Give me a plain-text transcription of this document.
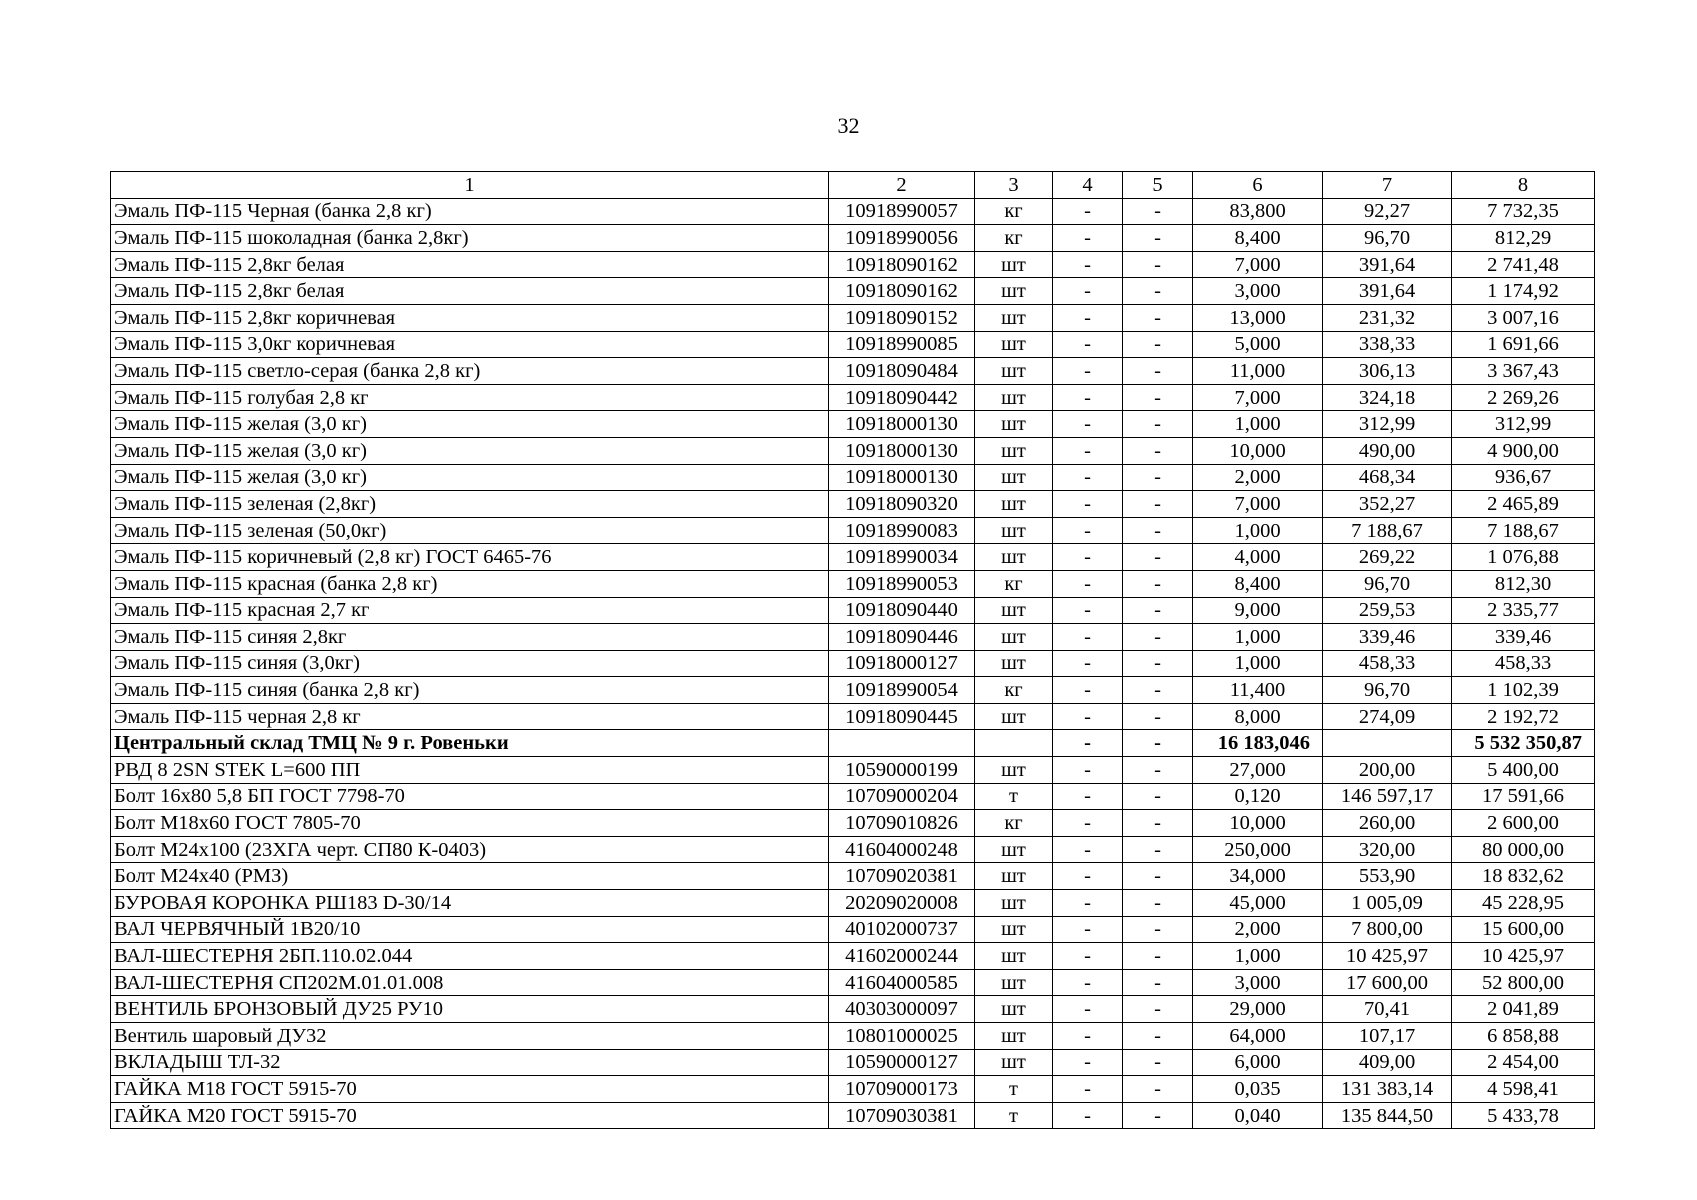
32
1	2	3	4	5	6	7	8
Эмаль ПФ-115 Черная (банка 2,8 кг)	10918990057	кг	-	-	83,800	92,27	7 732,35
Эмаль ПФ-115 шоколадная (банка 2,8кг)	10918990056	кг	-	-	8,400	96,70	812,29
Эмаль ПФ-115 2,8кг белая	10918090162	шт	-	-	7,000	391,64	2 741,48
Эмаль ПФ-115 2,8кг белая	10918090162	шт	-	-	3,000	391,64	1 174,92
Эмаль ПФ-115 2,8кг коричневая	10918090152	шт	-	-	13,000	231,32	3 007,16
Эмаль ПФ-115 3,0кг коричневая	10918990085	шт	-	-	5,000	338,33	1 691,66
Эмаль ПФ-115 светло-серая (банка 2,8 кг)	10918090484	шт	-	-	11,000	306,13	3 367,43
Эмаль ПФ-115 голубая 2,8 кг	10918090442	шт	-	-	7,000	324,18	2 269,26
Эмаль ПФ-115 желая (3,0 кг)	10918000130	шт	-	-	1,000	312,99	312,99
Эмаль ПФ-115 желая (3,0 кг)	10918000130	шт	-	-	10,000	490,00	4 900,00
Эмаль ПФ-115 желая (3,0 кг)	10918000130	шт	-	-	2,000	468,34	936,67
Эмаль ПФ-115 зеленая (2,8кг)	10918090320	шт	-	-	7,000	352,27	2 465,89
Эмаль ПФ-115 зеленая (50,0кг)	10918990083	шт	-	-	1,000	7 188,67	7 188,67
Эмаль ПФ-115 коричневый (2,8 кг) ГОСТ 6465-76	10918990034	шт	-	-	4,000	269,22	1 076,88
Эмаль ПФ-115 красная (банка 2,8 кг)	10918990053	кг	-	-	8,400	96,70	812,30
Эмаль ПФ-115 красная 2,7 кг	10918090440	шт	-	-	9,000	259,53	2 335,77
Эмаль ПФ-115 синяя 2,8кг	10918090446	шт	-	-	1,000	339,46	339,46
Эмаль ПФ-115 синяя (3,0кг)	10918000127	шт	-	-	1,000	458,33	458,33
Эмаль ПФ-115 синяя (банка 2,8 кг)	10918990054	кг	-	-	11,400	96,70	1 102,39
Эмаль ПФ-115 черная 2,8 кг	10918090445	шт	-	-	8,000	274,09	2 192,72
Центральный склад ТМЦ № 9 г. Ровеньки			-	-	16 183,046		5 532 350,87
РВД 8 2SN STEK L=600 ПП	10590000199	шт	-	-	27,000	200,00	5 400,00
Болт 16х80 5,8 БП ГОСТ 7798-70	10709000204	т	-	-	0,120	146 597,17	17 591,66
Болт М18х60 ГОСТ 7805-70	10709010826	кг	-	-	10,000	260,00	2 600,00
Болт М24х100 (23ХГА черт. СП80 К-0403)	41604000248	шт	-	-	250,000	320,00	80 000,00
Болт М24х40 (РМЗ)	10709020381	шт	-	-	34,000	553,90	18 832,62
БУРОВАЯ КОРОНКА РШ183 D-30/14	20209020008	шт	-	-	45,000	1 005,09	45 228,95
ВАЛ ЧЕРВЯЧНЫЙ 1В20/10	40102000737	шт	-	-	2,000	7 800,00	15 600,00
ВАЛ-ШЕСТЕРНЯ 2БП.110.02.044	41602000244	шт	-	-	1,000	10 425,97	10 425,97
ВАЛ-ШЕСТЕРНЯ СП202М.01.01.008	41604000585	шт	-	-	3,000	17 600,00	52 800,00
ВЕНТИЛЬ БРОНЗОВЫЙ ДУ25 РУ10	40303000097	шт	-	-	29,000	70,41	2 041,89
Вентиль шаровый ДУ32	10801000025	шт	-	-	64,000	107,17	6 858,88
ВКЛАДЫШ ТЛ-32	10590000127	шт	-	-	6,000	409,00	2 454,00
ГАЙКА М18 ГОСТ 5915-70	10709000173	т	-	-	0,035	131 383,14	4 598,41
ГАЙКА М20 ГОСТ 5915-70	10709030381	т	-	-	0,040	135 844,50	5 433,78
